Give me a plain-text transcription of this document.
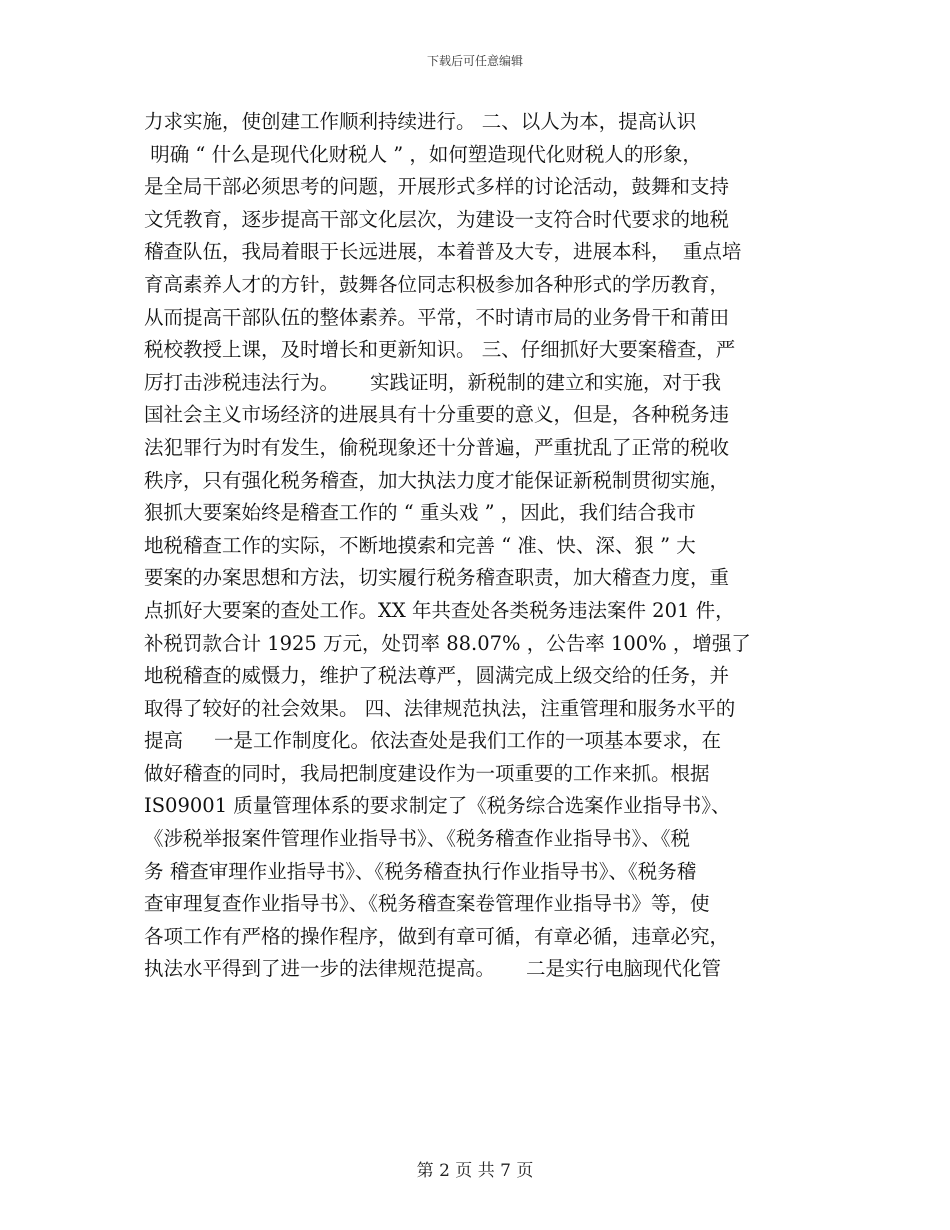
下载后可任意编辑
力求实施，使创建工作顺利持续进行。 二、以人为本，提高认识
明确 “ 什么是现代化财税人 ” ，如何塑造现代化财税人的形象，
是全局干部必须思考的问题，开展形式多样的讨论活动，鼓舞和支持
文凭教育，逐步提高干部文化层次，为建设一支符合时代要求的地税
稽查队伍，我局着眼于长远进展，本着普及大专，进展本科，  重点培
育高素养人才的方针，鼓舞各位同志积极参加各种形式的学历教育，
从而提高干部队伍的整体素养。平常，不时请市局的业务骨干和莆田
税校教授上课，及时增长和更新知识。 三、仔细抓好大要案稽查，严
厉打击涉税违法行为。     实践证明，新税制的建立和实施，对于我
国社会主义市场经济的进展具有十分重要的意义，但是，各种税务违
法犯罪行为时有发生，偷税现象还十分普遍，严重扰乱了正常的税收
秩序，只有强化税务稽查，加大执法力度才能保证新税制贯彻实施，
狠抓大要案始终是稽查工作的 “ 重头戏 ” ，因此，我们结合我市
地税稽查工作的实际，不断地摸索和完善 “ 准、快、深、狠 ” 大
要案的办案思想和方法，切实履行税务稽查职责，加大稽查力度，重
点抓好大要案的查处工作。XX 年共查处各类税务违法案件 201 件，
补税罚款合计 1925 万元，处罚率 88.07% ，公告率 100% ，增强了
地税稽查的威慑力，维护了税法尊严，圆满完成上级交给的任务，并
取得了较好的社会效果。 四、法律规范执法，注重管理和服务水平的
提高     一是工作制度化。依法查处是我们工作的一项基本要求，在
做好稽查的同时，我局把制度建设作为一项重要的工作来抓。根据
IS09001 质量管理体系的要求制定了《税务综合选案作业指导书》、
《涉税举报案件管理作业指导书》、《税务稽查作业指导书》、《税
务 稽查审理作业指导书》、《税务稽查执行作业指导书》、《税务稽
查审理复查作业指导书》、《税务稽查案卷管理作业指导书》等，使
各项工作有严格的操作程序，做到有章可循，有章必循，违章必究，
执法水平得到了进一步的法律规范提高。     二是实行电脑现代化管
第 2 页 共 7 页
